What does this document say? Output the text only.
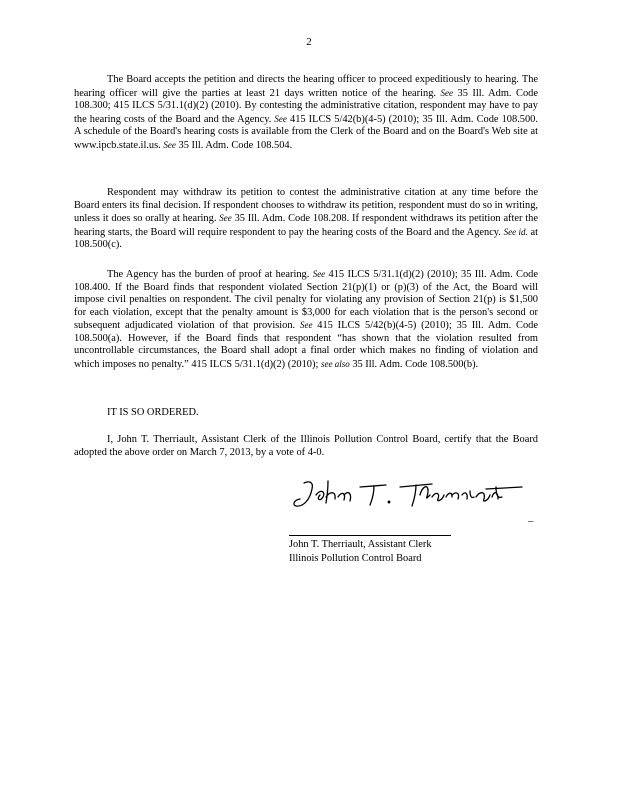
2

The Board accepts the petition and directs the hearing officer to proceed expeditiously to hearing. The hearing officer will give the parties at least 21 days written notice of the hearing. See 35 Ill. Adm. Code 108.300; 415 ILCS 5/31.1(d)(2) (2010). By contesting the administrative citation, respondent may have to pay the hearing costs of the Board and the Agency. See 415 ILCS 5/42(b)(4-5) (2010); 35 Ill. Adm. Code 108.500. A schedule of the Board's hearing costs is available from the Clerk of the Board and on the Board's Web site at www.ipcb.state.il.us. See 35 Ill. Adm. Code 108.504.

Respondent may withdraw its petition to contest the administrative citation at any time before the Board enters its final decision. If respondent chooses to withdraw its petition, respondent must do so in writing, unless it does so orally at hearing. See 35 Ill. Adm. Code 108.208. If respondent withdraws its petition after the hearing starts, the Board will require respondent to pay the hearing costs of the Board and the Agency. See id. at 108.500(c).

The Agency has the burden of proof at hearing. See 415 ILCS 5/31.1(d)(2) (2010); 35 Ill. Adm. Code 108.400. If the Board finds that respondent violated Section 21(p)(1) or (p)(3) of the Act, the Board will impose civil penalties on respondent. The civil penalty for violating any provision of Section 21(p) is $1,500 for each violation, except that the penalty amount is $3,000 for each violation that is the person's second or subsequent adjudicated violation of that provision. See 415 ILCS 5/42(b)(4-5) (2010); 35 Ill. Adm. Code 108.500(a). However, if the Board finds that respondent “has shown that the violation resulted from uncontrollable circumstances, the Board shall adopt a final order which makes no finding of violation and which imposes no penalty.” 415 ILCS 5/31.1(d)(2) (2010); see also 35 Ill. Adm. Code 108.500(b).

IT IS SO ORDERED.

I, John T. Therriault, Assistant Clerk of the Illinois Pollution Control Board, certify that the Board adopted the above order on March 7, 2013, by a vote of 4-0.

_
John T. Therriault, Assistant Clerk
Illinois Pollution Control Board
